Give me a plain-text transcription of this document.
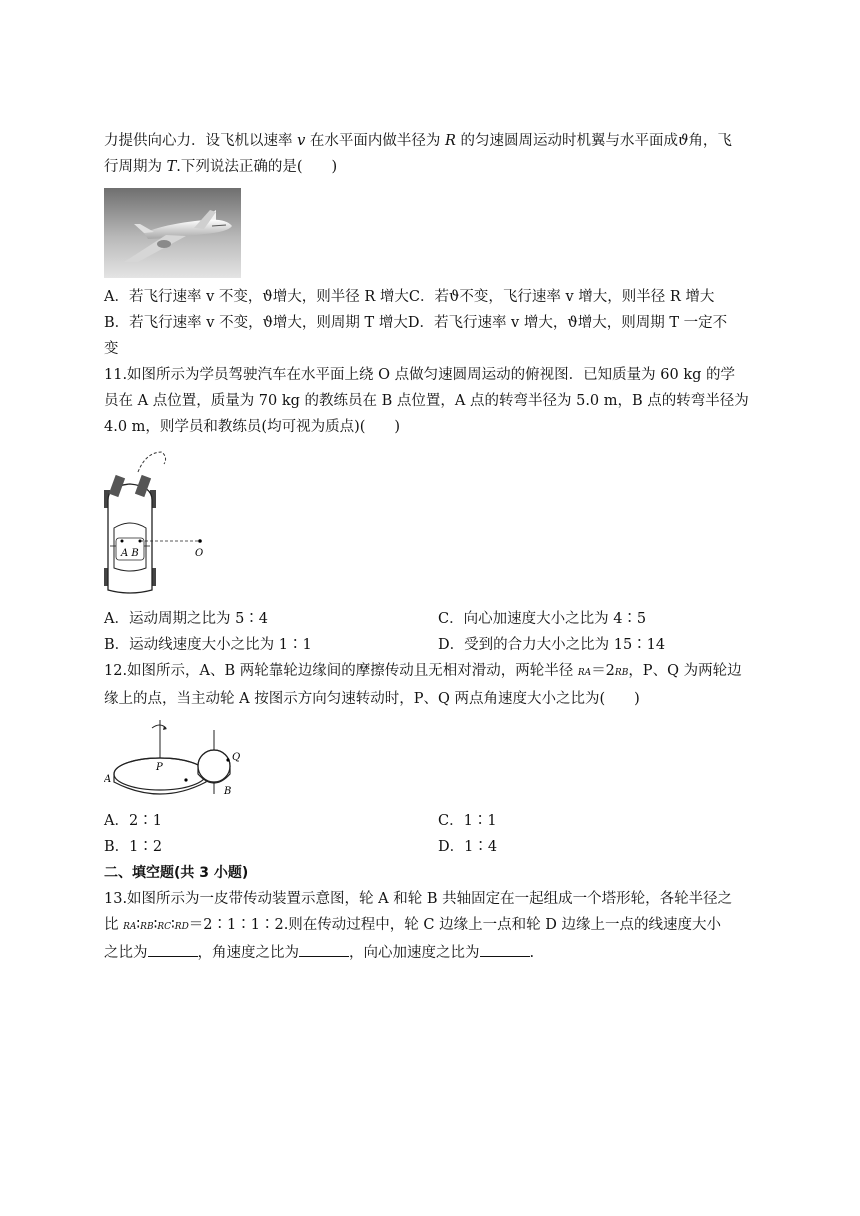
力提供向心力．设飞机以速率 v 在水平面内做半径为 R 的匀速圆周运动时机翼与水平面成ϑ角，飞

行周期为 T.下列说法正确的是(　　)

A．若飞行速率 v 不变，ϑ增大，则半径 R 增大C．若ϑ不变，飞行速率 v 增大，则半径 R 增大

B．若飞行速率 v 不变，ϑ增大，则周期 T 增大D．若飞行速率 v 增大，ϑ增大，则周期 T 一定不

变

11.如图所示为学员驾驶汽车在水平面上绕 O 点做匀速圆周运动的俯视图．已知质量为 60 kg 的学

员在 A 点位置，质量为 70 kg 的教练员在 B 点位置，A 点的转弯半径为 5.0 m，B 点的转弯半径为

4.0 m，则学员和教练员(均可视为质点)(　　)

A B	O
A．运动周期之比为 5∶4	C．向心加速度大小之比为 4∶5
B．运动线速度大小之比为 1∶1	D．受到的合力大小之比为 15∶14

12.如图所示，A、B 两轮靠轮边缘间的摩擦传动且无相对滑动，两轮半径 RA＝2RB，P、Q 为两轮边

缘上的点，当主动轮 A 按图示方向匀速转动时，P、Q 两点角速度大小之比为(　　)

P
Q
A
B
A．2∶1	C．1∶1
B．1∶2	D．1∶4
二、填空题(共 3 小题)

13.如图所示为一皮带传动装置示意图，轮 A 和轮 B 共轴固定在一起组成一个塔形轮，各轮半径之

比 RA∶RB∶RC∶RD＝2∶1∶1∶2.则在传动过程中，轮 C 边缘上一点和轮 D 边缘上一点的线速度大小

之比为	，角速度之比为	，向心加速度之比为	.
